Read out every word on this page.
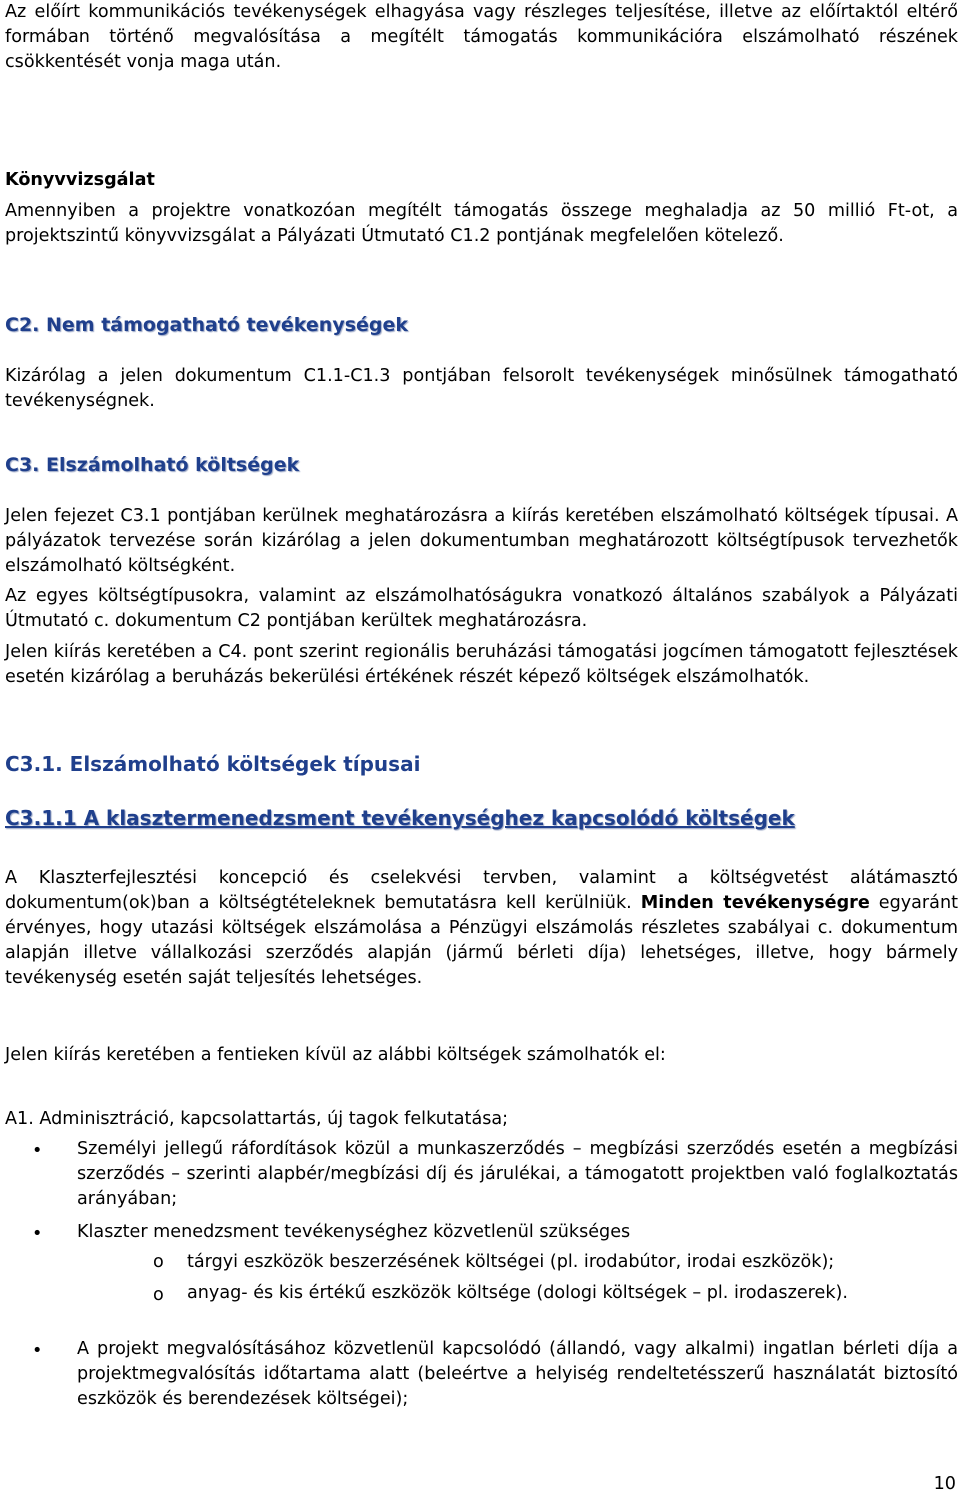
Az előírt kommunikációs tevékenységek elhagyása vagy részleges teljesítése, illetve az előírtaktól eltérő formában történő megvalósítása a megítélt támogatás kommunikációra elszámolható részének csökkentését vonja maga után.

Könyvvizsgálat

Amennyiben a projektre vonatkozóan megítélt támogatás összege meghaladja az 50 millió Ft-ot, a projektszintű könyvvizsgálat a Pályázati Útmutató C1.2 pontjának megfelelően kötelező.

C2. Nem támogatható tevékenységek

Kizárólag a jelen dokumentum C1.1-C1.3 pontjában felsorolt tevékenységek minősülnek támogatható tevékenységnek.

C3. Elszámolható költségek

Jelen fejezet C3.1 pontjában kerülnek meghatározásra a kiírás keretében elszámolható költségek típusai. A pályázatok tervezése során kizárólag a jelen dokumentumban meghatározott költségtípusok tervezhetők elszámolható költségként.

Az egyes költségtípusokra, valamint az elszámolhatóságukra vonatkozó általános szabályok a Pályázati Útmutató c. dokumentum C2 pontjában kerültek meghatározásra.

Jelen kiírás keretében a C4. pont szerint regionális beruházási támogatási jogcímen támogatott fejlesztések esetén kizárólag a beruházás bekerülési értékének részét képező költségek elszámolhatók.

C3.1. Elszámolható költségek típusai
C3.1.1 A klasztermenedzsment tevékenységhez kapcsolódó költségek

A Klaszterfejlesztési koncepció és cselekvési tervben, valamint a költségvetést alátámasztó dokumentum(ok)ban a költségtételeknek bemutatásra kell kerülniük. Minden tevékenységre egyaránt érvényes, hogy utazási költségek elszámolása a Pénzügyi elszámolás részletes szabályai c. dokumentum alapján illetve vállalkozási szerződés alapján (jármű bérleti díja) lehetséges, illetve, hogy bármely tevékenység esetén saját teljesítés lehetséges.

Jelen kiírás keretében a fentieken kívül az alábbi költségek számolhatók el:

A1. Adminisztráció, kapcsolattartás, új tagok felkutatása;

• Személyi jellegű ráfordítások közül a munkaszerződés – megbízási szerződés esetén a megbízási szerződés – szerinti alapbér/megbízási díj és járulékai, a támogatott projektben való foglalkoztatás arányában;

• Klaszter menedzsment tevékenységhez közvetlenül szükséges

o tárgyi eszközök beszerzésének költségei (pl. irodabútor, irodai eszközök);

o anyag- és kis értékű eszközök költsége (dologi költségek – pl. irodaszerek).

• A projekt megvalósításához közvetlenül kapcsolódó (állandó, vagy alkalmi) ingatlan bérleti díja a projektmegvalósítás időtartama alatt (beleértve a helyiség rendeltetésszerű használatát biztosító eszközök és berendezések költségei);

10
